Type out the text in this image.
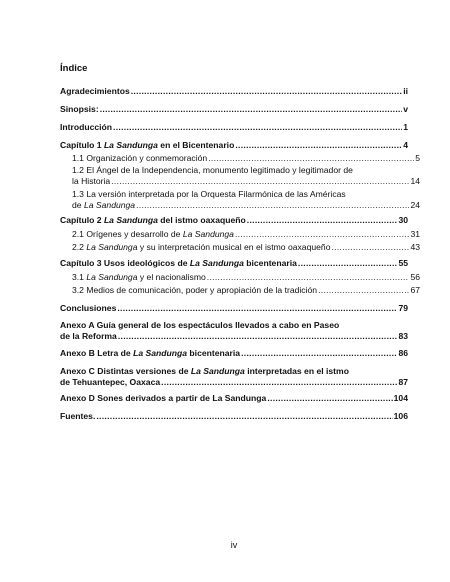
Índice
Agradecimientos .....	ii
Sinopsis: .....	v
Introducción .....	1
Capítulo 1 La Sandunga en el Bicentenario .....	4
1.1 Organización y conmemoración .....	5
1.2 El Ángel de la Independencia, monumento legitimado y legitimador de
la Historia .....	14
1.3 La versión interpretada por la Orquesta Filarmónica de las Américas
de La Sandunga .....	24
Capítulo 2 La Sandunga del istmo oaxaqueño .....	30
2.1 Orígenes y desarrollo de La Sandunga .....	31
2.2 La Sandunga y su interpretación musical en el istmo oaxaqueño .....	43
Capítulo 3 Usos ideológicos de La Sandunga bicentenaria .....	55
3.1 La Sandunga y el nacionalismo .....	56
3.2 Medios de comunicación, poder y apropiación de la tradición .....	67
Conclusiones .....	79
Anexo A Guía general de los espectáculos llevados a cabo en Paseo
de la Reforma .....	83
Anexo B Letra de La Sandunga bicentenaria .....	86
Anexo C Distintas versiones de La Sandunga interpretadas en el istmo
de Tehuantepec, Oaxaca .....	87
Anexo D Sones derivados a partir de La Sandunga .....	104
Fuentes. .....	106
iv
